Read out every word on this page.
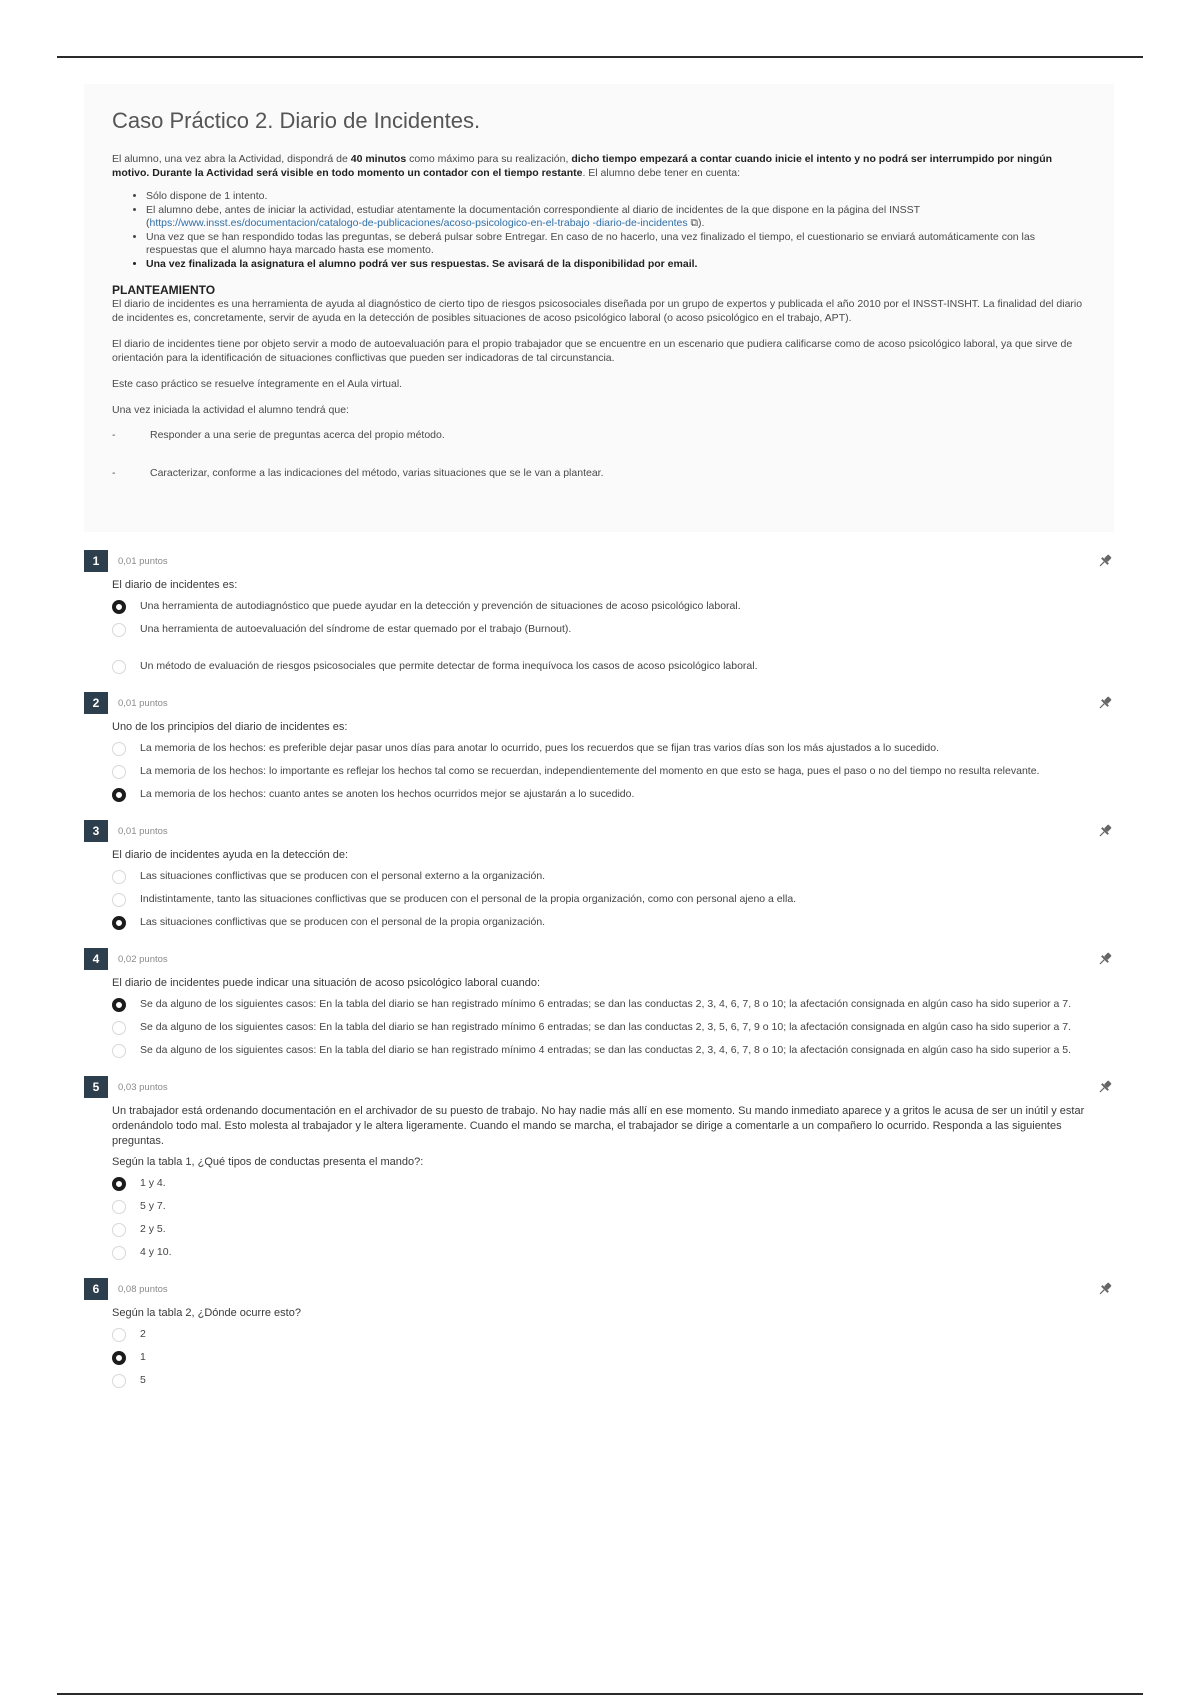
Caso Práctico 2. Diario de Incidentes.

El alumno, una vez abra la Actividad, dispondrá de 40 minutos como máximo para su realización, dicho tiempo empezará a contar cuando inicie el intento y no podrá ser interrumpido por ningún motivo. Durante la Actividad será visible en todo momento un contador con el tiempo restante. El alumno debe tener en cuenta:

• Sólo dispone de 1 intento.
• El alumno debe, antes de iniciar la actividad, estudiar atentamente la documentación correspondiente al diario de incidentes de la que dispone en la página del INSST (https://www.insst.es/documentacion/catalogo-de-publicaciones/acoso-psicologico-en-el-trabajo -diario-de-incidentes ⧉).
• Una vez que se han respondido todas las preguntas, se deberá pulsar sobre Entregar. En caso de no hacerlo, una vez finalizado el tiempo, el cuestionario se enviará automáticamente con las respuestas que el alumno haya marcado hasta ese momento.
• Una vez finalizada la asignatura el alumno podrá ver sus respuestas. Se avisará de la disponibilidad por email.
PLANTEAMIENTO

El diario de incidentes es una herramienta de ayuda al diagnóstico de cierto tipo de riesgos psicosociales diseñada por un grupo de expertos y publicada el año 2010 por el INSST-INSHT. La finalidad del diario de incidentes es, concretamente, servir de ayuda en la detección de posibles situaciones de acoso psicológico laboral (o acoso psicológico en el trabajo, APT).

El diario de incidentes tiene por objeto servir a modo de autoevaluación para el propio trabajador que se encuentre en un escenario que pudiera calificarse como de acoso psicológico laboral, ya que sirve de orientación para la identificación de situaciones conflictivas que pueden ser indicadoras de tal circunstancia.

Este caso práctico se resuelve íntegramente en el Aula virtual.

Una vez iniciada la actividad el alumno tendrá que:

-	Responder a una serie de preguntas acerca del propio método.
-	Caracterizar, conforme a las indicaciones del método, varias situaciones que se le van a plantear.
1	0,01 puntos
El diario de incidentes es:
Una herramienta de autodiagnóstico que puede ayudar en la detección y prevención de situaciones de acoso psicológico laboral.
Una herramienta de autoevaluación del síndrome de estar quemado por el trabajo (Burnout).
Un método de evaluación de riesgos psicosociales que permite detectar de forma inequívoca los casos de acoso psicológico laboral.
2	0,01 puntos
Uno de los principios del diario de incidentes es:
La memoria de los hechos: es preferible dejar pasar unos días para anotar lo ocurrido, pues los recuerdos que se fijan tras varios días son los más ajustados a lo sucedido.
La memoria de los hechos: lo importante es reflejar los hechos tal como se recuerdan, independientemente del momento en que esto se haga, pues el paso o no del tiempo no resulta relevante.
La memoria de los hechos: cuanto antes se anoten los hechos ocurridos mejor se ajustarán a lo sucedido.
3	0,01 puntos
El diario de incidentes ayuda en la detección de:
Las situaciones conflictivas que se producen con el personal externo a la organización.
Indistintamente, tanto las situaciones conflictivas que se producen con el personal de la propia organización, como con personal ajeno a ella.
Las situaciones conflictivas que se producen con el personal de la propia organización.
4	0,02 puntos
El diario de incidentes puede indicar una situación de acoso psicológico laboral cuando:
Se da alguno de los siguientes casos: En la tabla del diario se han registrado mínimo 6 entradas; se dan las conductas 2, 3, 4, 6, 7, 8 o 10; la afectación consignada en algún caso ha sido superior a 7.
Se da alguno de los siguientes casos: En la tabla del diario se han registrado mínimo 6 entradas; se dan las conductas 2, 3, 5, 6, 7, 9 o 10; la afectación consignada en algún caso ha sido superior a 7.
Se da alguno de los siguientes casos: En la tabla del diario se han registrado mínimo 4 entradas; se dan las conductas 2, 3, 4, 6, 7, 8 o 10; la afectación consignada en algún caso ha sido superior a 5.
5	0,03 puntos
Un trabajador está ordenando documentación en el archivador de su puesto de trabajo. No hay nadie más allí en ese momento. Su mando inmediato aparece y a gritos le acusa de ser un inútil y estar ordenándolo todo mal. Esto molesta al trabajador y le altera ligeramente. Cuando el mando se marcha, el trabajador se dirige a comentarle a un compañero lo ocurrido. Responda a las siguientes preguntas.
Según la tabla 1, ¿Qué tipos de conductas presenta el mando?:
1 y 4.
5 y 7.
2 y 5.
4 y 10.
6	0,08 puntos
Según la tabla 2, ¿Dónde ocurre esto?
2
1
5
